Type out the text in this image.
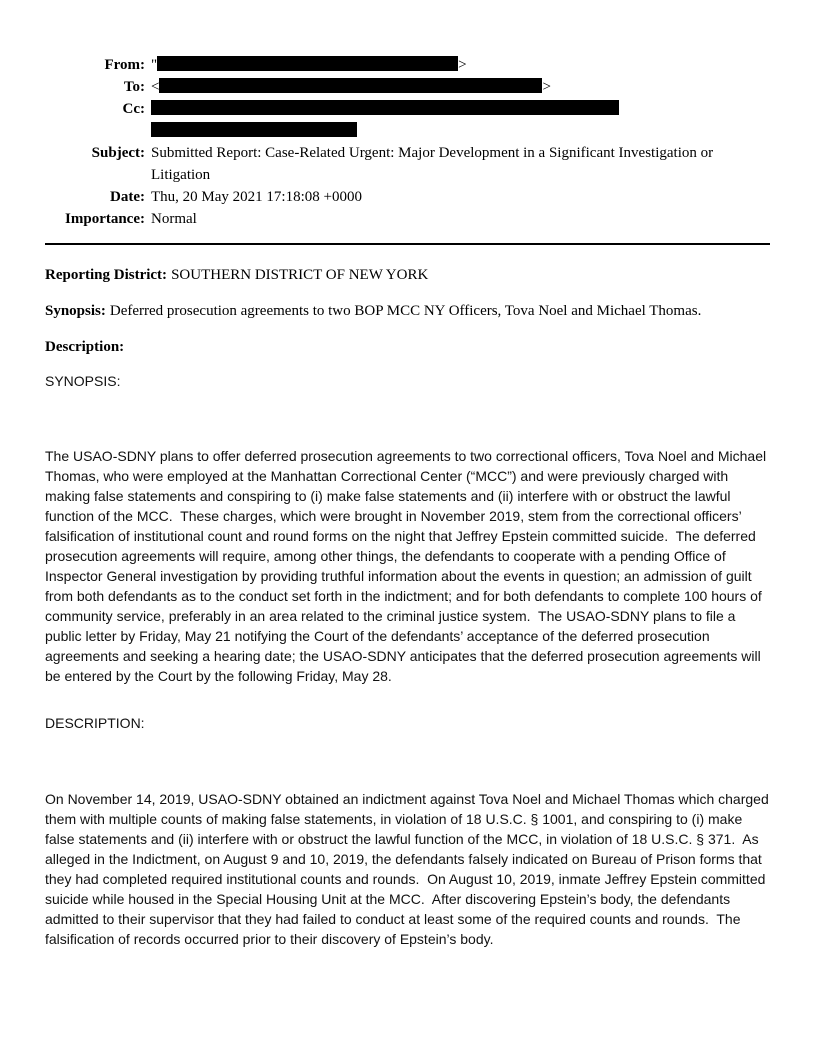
From: "	>
To: <	>
Cc:

Subject: Submitted Report: Case-Related Urgent: Major Development in a Significant Investigation or Litigation
Date: Thu, 20 May 2021 17:18:08 +0000
Importance: Normal
Reporting District: SOUTHERN DISTRICT OF NEW YORK
Synopsis: Deferred prosecution agreements to two BOP MCC NY Officers, Tova Noel and Michael Thomas.
Description:
SYNOPSIS:
The USAO-SDNY plans to offer deferred prosecution agreements to two correctional officers, Tova Noel and Michael Thomas, who were employed at the Manhattan Correctional Center (“MCC”) and were previously charged with making false statements and conspiring to (i) make false statements and (ii) interfere with or obstruct the lawful function of the MCC.  These charges, which were brought in November 2019, stem from the correctional officers’ falsification of institutional count and round forms on the night that Jeffrey Epstein committed suicide.  The deferred prosecution agreements will require, among other things, the defendants to cooperate with a pending Office of Inspector General investigation by providing truthful information about the events in question; an admission of guilt from both defendants as to the conduct set forth in the indictment; and for both defendants to complete 100 hours of community service, preferably in an area related to the criminal justice system.  The USAO-SDNY plans to file a public letter by Friday, May 21 notifying the Court of the defendants’ acceptance of the deferred prosecution agreements and seeking a hearing date; the USAO-SDNY anticipates that the deferred prosecution agreements will be entered by the Court by the following Friday, May 28.
DESCRIPTION:
On November 14, 2019, USAO-SDNY obtained an indictment against Tova Noel and Michael Thomas which charged them with multiple counts of making false statements, in violation of 18 U.S.C. § 1001, and conspiring to (i) make false statements and (ii) interfere with or obstruct the lawful function of the MCC, in violation of 18 U.S.C. § 371.  As alleged in the Indictment, on August 9 and 10, 2019, the defendants falsely indicated on Bureau of Prison forms that they had completed required institutional counts and rounds.  On August 10, 2019, inmate Jeffrey Epstein committed suicide while housed in the Special Housing Unit at the MCC.  After discovering Epstein’s body, the defendants admitted to their supervisor that they had failed to conduct at least some of the required counts and rounds.  The falsification of records occurred prior to their discovery of Epstein’s body.
